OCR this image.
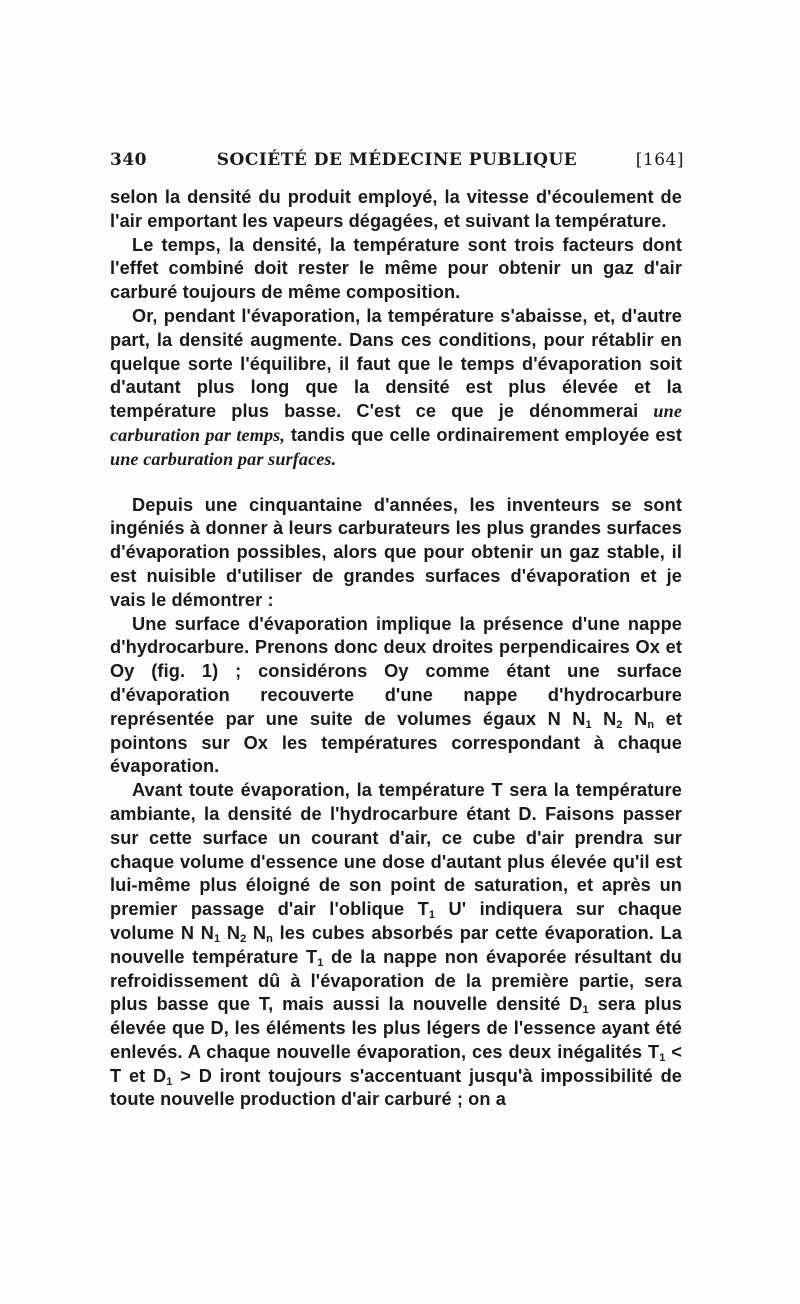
340	SOCIÉTÉ DE MÉDECINE PUBLIQUE	[164]

selon la densité du produit employé, la vitesse d'écoulement de l'air emportant les vapeurs dégagées, et suivant la température.

Le temps, la densité, la température sont trois facteurs dont l'effet combiné doit rester le même pour obtenir un gaz d'air carburé toujours de même composition.

Or, pendant l'évaporation, la température s'abaisse, et, d'autre part, la densité augmente. Dans ces conditions, pour rétablir en quelque sorte l'équilibre, il faut que le temps d'évaporation soit d'autant plus long que la densité est plus élevée et la température plus basse. C'est ce que je dénommerai une carburation par temps, tandis que celle ordinairement employée est une carburation par surfaces.

Depuis une cinquantaine d'années, les inventeurs se sont ingéniés à donner à leurs carburateurs les plus grandes surfaces d'évaporation possibles, alors que pour obtenir un gaz stable, il est nuisible d'utiliser de grandes surfaces d'évaporation et je vais le démontrer :

Une surface d'évaporation implique la présence d'une nappe d'hydrocarbure. Prenons donc deux droites perpendicaires Ox et Oy (fig. 1) ; considérons Oy comme étant une surface d'évaporation recouverte d'une nappe d'hydrocarbure représentée par une suite de volumes égaux N $N_1$ $N_2$ $N_n$ et pointons sur Ox les températures correspondant à chaque évaporation.

Avant toute évaporation, la température T sera la température ambiante, la densité de l'hydrocarbure étant D. Faisons passer sur cette surface un courant d'air, ce cube d'air prendra sur chaque volume d'essence une dose d'autant plus élevée qu'il est lui-même plus éloigné de son point de saturation, et après un premier passage d'air l'oblique $T_1$ U' indiquera sur chaque volume N $N_1$ $N_2$ $N_n$ les cubes absorbés par cette évaporation. La nouvelle température $T_1$ de la nappe non évaporée résultant du refroidissement dû à l'évaporation de la première partie, sera plus basse que T, mais aussi la nouvelle densité $D_1$ sera plus élevée que D, les éléments les plus légers de l'essence ayant été enlevés. A chaque nouvelle évaporation, ces deux inégalités $T_1 < T$ et $D_1 > D$ iront toujours s'accentuant jusqu'à impossibilité de toute nouvelle production d'air carburé ; on a
